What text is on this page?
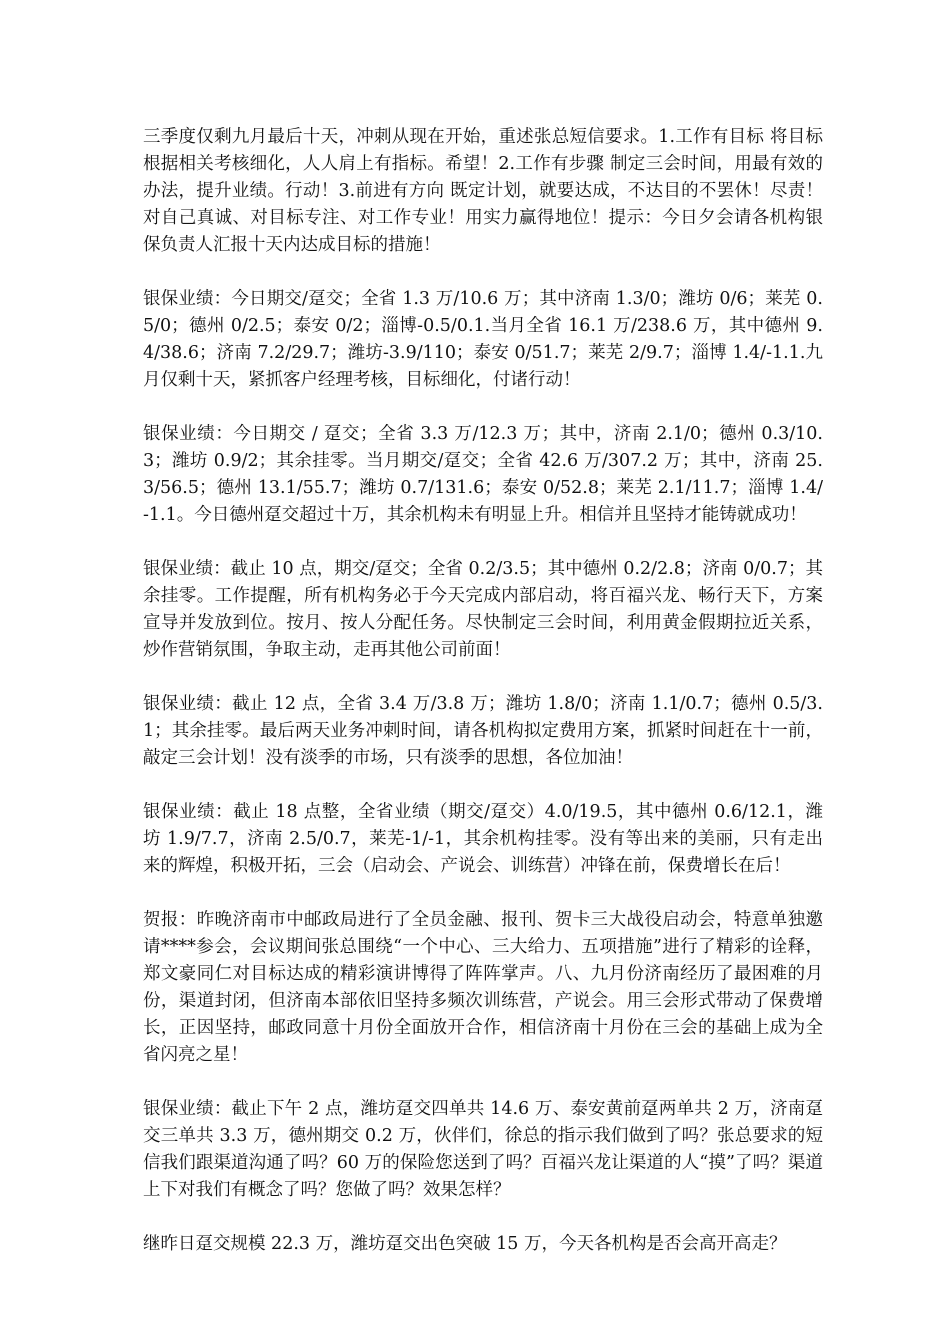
三季度仅剩九月最后十天，冲刺从现在开始，重述张总短信要求。1.工作有目标 将目标根据相关考核细化，人人肩上有指标。希望！2.工作有步骤 制定三会时间，用最有效的办法，提升业绩。行动！3.前进有方向 既定计划，就要达成，不达目的不罢休！尽责！对自己真诚、对目标专注、对工作专业！用实力赢得地位！提示：今日夕会请各机构银保负责人汇报十天内达成目标的措施！

银保业绩：今日期交/趸交；全省 1.3 万/10.6 万；其中济南 1.3/0；潍坊 0/6；莱芜 0.5/0；德州 0/2.5；泰安 0/2；淄博-0.5/0.1.当月全省 16.1 万/238.6 万，其中德州 9.4/38.6；济南 7.2/29.7；潍坊-3.9/110；泰安 0/51.7；莱芜 2/9.7；淄博 1.4/-1.1.九月仅剩十天，紧抓客户经理考核，目标细化，付诸行动！

银保业绩：今日期交 / 趸交；全省 3.3 万/12.3 万；其中，济南 2.1/0；德州 0.3/10.3；潍坊 0.9/2；其余挂零。当月期交/趸交；全省 42.6 万/307.2 万；其中，济南 25.3/56.5；德州 13.1/55.7；潍坊 0.7/131.6；泰安 0/52.8；莱芜 2.1/11.7；淄博 1.4/-1.1。今日德州趸交超过十万，其余机构未有明显上升。相信并且坚持才能铸就成功！

银保业绩：截止 10 点，期交/趸交；全省 0.2/3.5；其中德州 0.2/2.8；济南 0/0.7；其余挂零。工作提醒，所有机构务必于今天完成内部启动，将百福兴龙、畅行天下，方案宣导并发放到位。按月、按人分配任务。尽快制定三会时间，利用黄金假期拉近关系，炒作营销氛围，争取主动，走再其他公司前面！

银保业绩：截止 12 点，全省 3.4 万/3.8 万；潍坊 1.8/0；济南 1.1/0.7；德州 0.5/3.1；其余挂零。最后两天业务冲刺时间，请各机构拟定费用方案，抓紧时间赶在十一前，敲定三会计划！没有淡季的市场，只有淡季的思想，各位加油！

银保业绩：截止 18 点整，全省业绩（期交/趸交）4.0/19.5，其中德州 0.6/12.1，潍坊 1.9/7.7，济南 2.5/0.7，莱芜-1/-1，其余机构挂零。没有等出来的美丽，只有走出来的辉煌，积极开拓，三会（启动会、产说会、训练营）冲锋在前，保费增长在后！

贺报：昨晚济南市中邮政局进行了全员金融、报刊、贺卡三大战役启动会，特意单独邀请****参会，会议期间张总围绕“一个中心、三大给力、五项措施”进行了精彩的诠释，郑文豪同仁对目标达成的精彩演讲博得了阵阵掌声。八、九月份济南经历了最困难的月份，渠道封闭，但济南本部依旧坚持多频次训练营，产说会。用三会形式带动了保费增长，正因坚持，邮政同意十月份全面放开合作，相信济南十月份在三会的基础上成为全省闪亮之星！

银保业绩：截止下午 2 点，潍坊趸交四单共 14.6 万、泰安黄前趸两单共 2 万，济南趸交三单共 3.3 万，德州期交 0.2 万，伙伴们，徐总的指示我们做到了吗？张总要求的短信我们跟渠道沟通了吗？60 万的保险您送到了吗？百福兴龙让渠道的人“摸”了吗？渠道上下对我们有概念了吗？您做了吗？效果怎样？

继昨日趸交规模 22.3 万，潍坊趸交出色突破 15 万，今天各机构是否会高开高走？
